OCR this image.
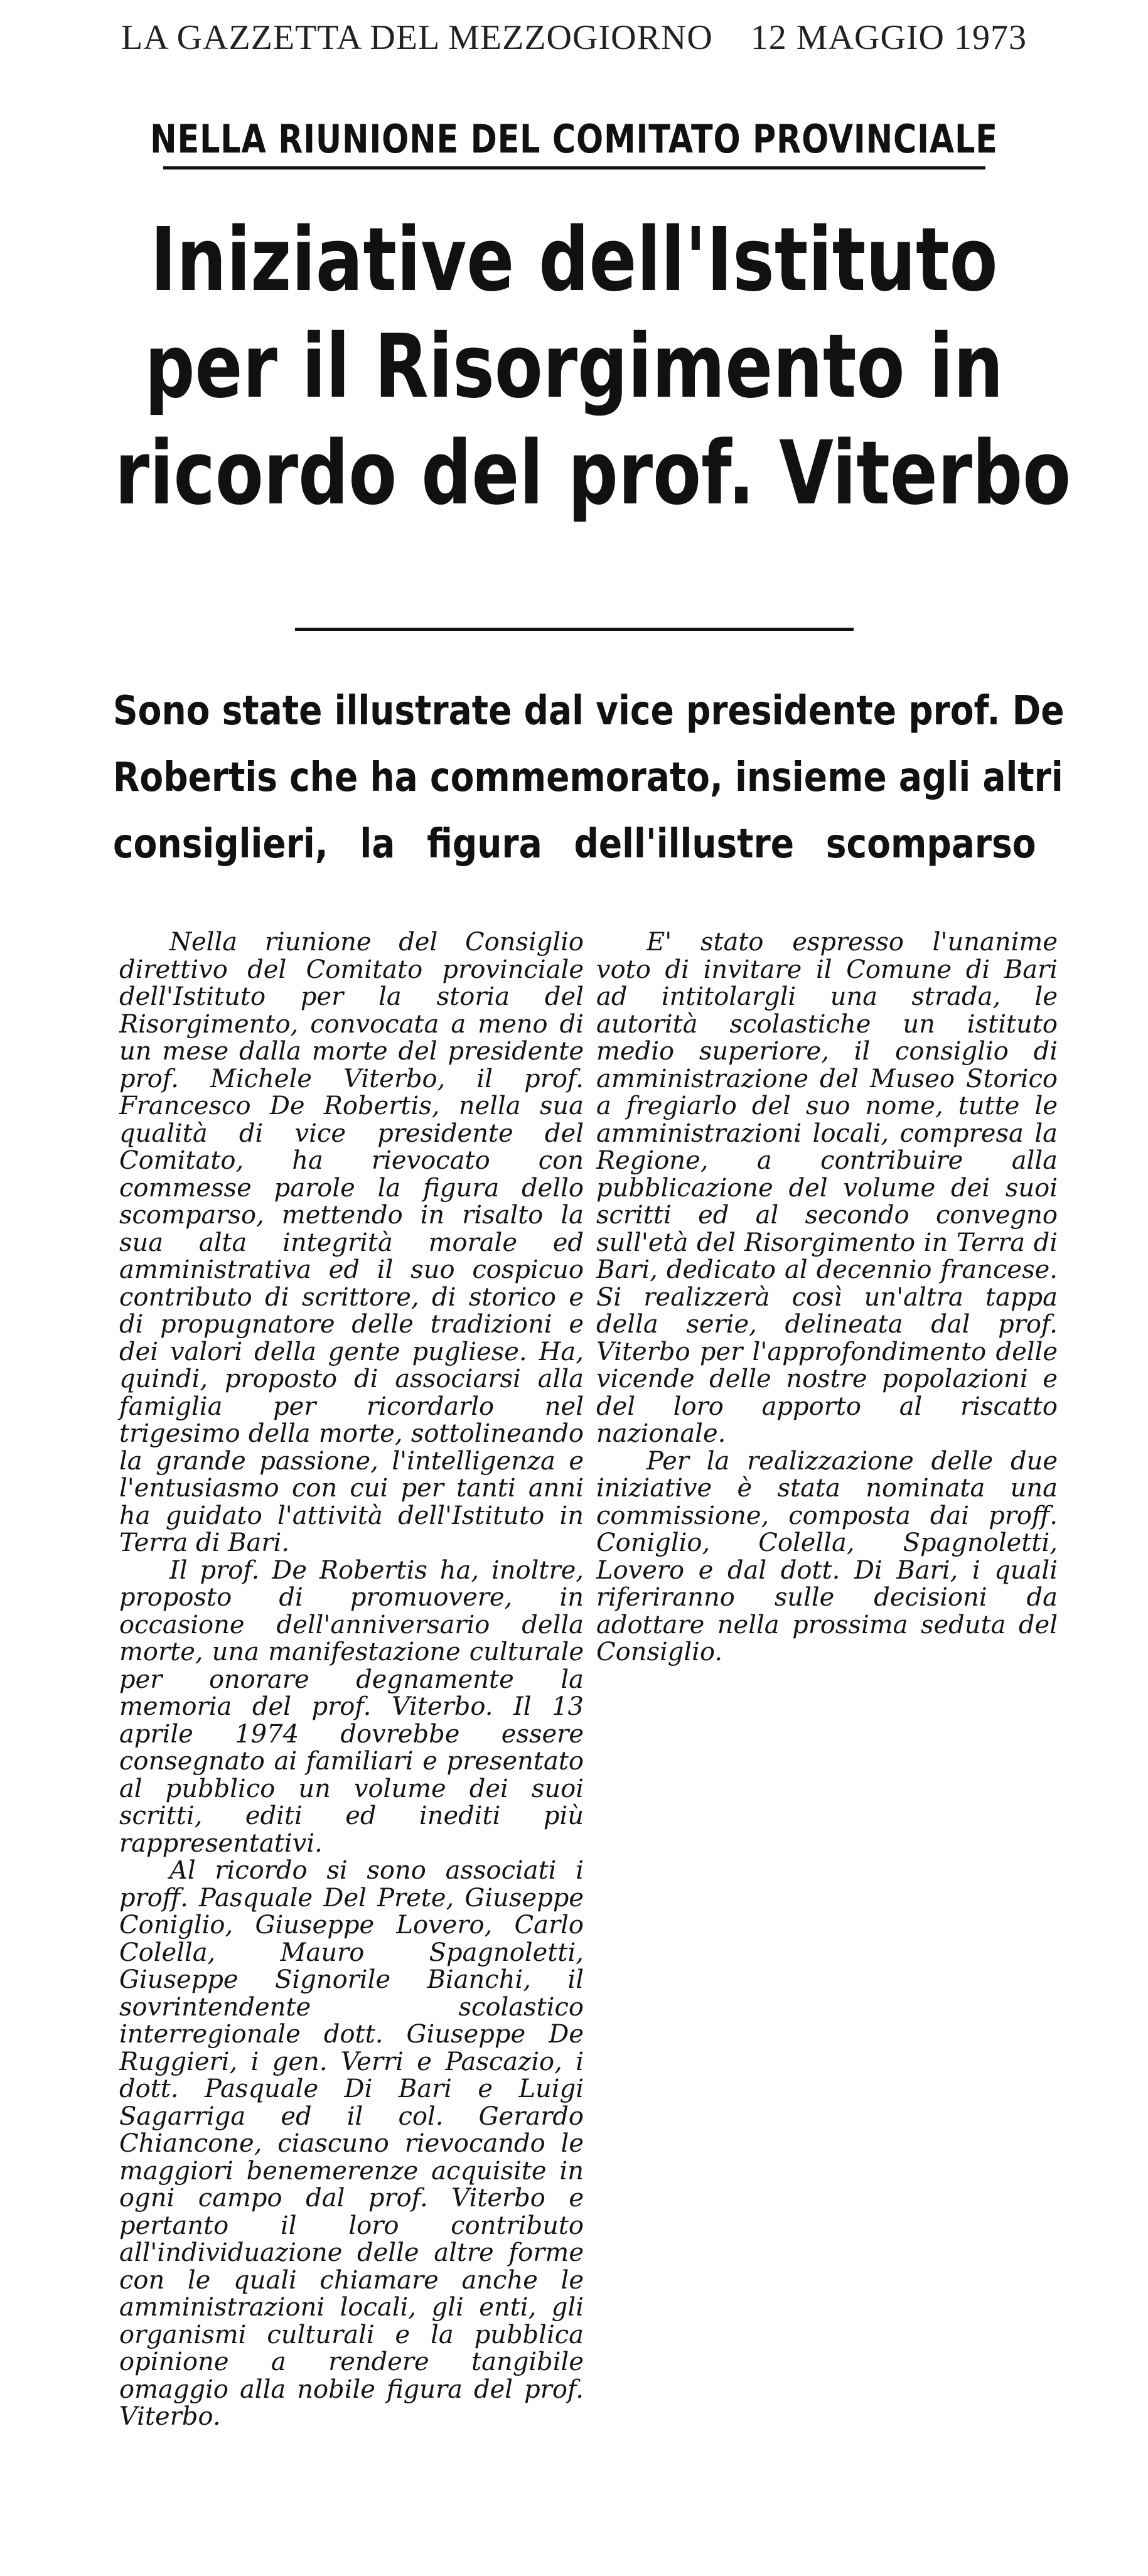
LA GAZZETTA DEL MEZZOGIORNO 12 MAGGIO 1973
NELLA RIUNIONE DEL COMITATO PROVINCIALE
Iniziative dell'Istituto
per il Risorgimento in
ricordo del prof. Viterbo
Sono state illustrate dal vice presidente prof. De
Robertis che ha commemorato, insieme agli altri
consiglieri, la figura dell'illustre scomparso

Nella riunione del Consiglio direttivo del Comitato provinciale dell'Istituto per la storia del Risorgimento, convocata a meno di un mese dalla morte del presidente prof. Michele Viterbo, il prof. Francesco De Robertis, nella sua qualità di vice presidente del Comitato, ha rievocato con commesse parole la figura dello scomparso, mettendo in risalto la sua alta integrità morale ed amministrativa ed il suo cospicuo contributo di scrittore, di storico e di propugnatore delle tradizioni e dei valori della gente pugliese. Ha, quindi, proposto di associarsi alla famiglia per ricordarlo nel trigesimo della morte, sottolineando la grande passione, l'intelligenza e l'entusiasmo con cui per tanti anni ha guidato l'attività dell'Istituto in Terra di Bari.

Il prof. De Robertis ha, inoltre, proposto di promuovere, in occasione dell'anniversario della morte, una manifestazione culturale per onorare degnamente la memoria del prof. Viterbo. Il 13 aprile 1974 dovrebbe essere consegnato ai familiari e presentato al pubblico un volume dei suoi scritti, editi ed inediti più rappresentativi.

Al ricordo si sono associati i proff. Pasquale Del Prete, Giuseppe Coniglio, Giuseppe Lovero, Carlo Colella, Mauro Spagnoletti, Giuseppe Signorile Bianchi, il sovrintendente scolastico interregionale dott. Giuseppe De Ruggieri, i gen. Verri e Pascazio, i dott. Pasquale Di Bari e Luigi Sagarriga ed il col. Gerardo Chiancone, ciascuno rievocando le maggiori benemerenze acquisite in ogni campo dal prof. Viterbo e pertanto il loro contributo all'individuazione delle altre forme con le quali chiamare anche le amministrazioni locali, gli enti, gli organismi culturali e la pubblica opinione a rendere tangibile omaggio alla nobile figura del prof. Viterbo.

E' stato espresso l'unanime voto di invitare il Comune di Bari ad intitolargli una strada, le autorità scolastiche un istituto medio superiore, il consiglio di amministrazione del Museo Storico a fregiarlo del suo nome, tutte le amministrazioni locali, compresa la Regione, a contribuire alla pubblicazione del volume dei suoi scritti ed al secondo convegno sull'età del Risorgimento in Terra di Bari, dedicato al decennio francese. Si realizzerà così un'altra tappa della serie, delineata dal prof. Viterbo per l'approfondimento delle vicende delle nostre popolazioni e del loro apporto al riscatto nazionale.

Per la realizzazione delle due iniziative è stata nominata una commissione, composta dai proff. Coniglio, Colella, Spagnoletti, Lovero e dal dott. Di Bari, i quali riferiranno sulle decisioni da adottare nella prossima seduta del Consiglio.
